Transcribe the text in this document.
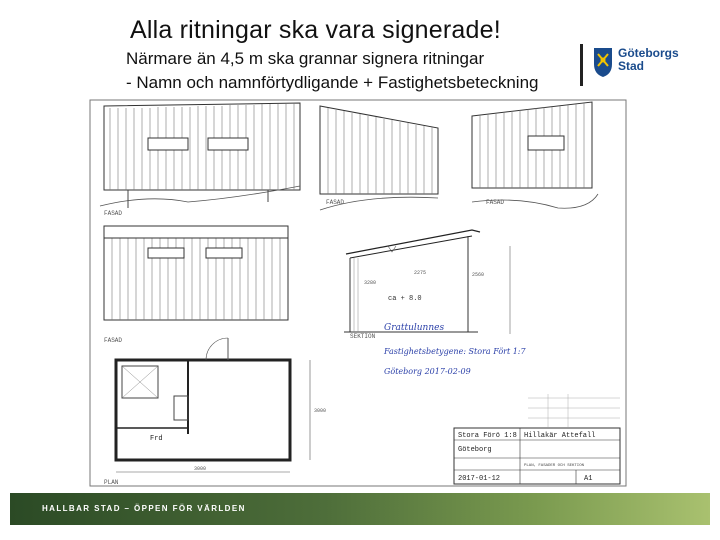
Alla ritningar ska vara signerade!
Närmare än 4,5 m ska grannar signera ritningar
- Namn och namnförtydligande + Fastighetsbeteckning
Göteborgs
Stad
FASAD
FASAD	FASAD
FASAD
ca + 8.0
2275	2560
3280
SEKTION
Frd
3000
3000
PLAN
Grattulunnes
Fastighetsbetygene: Stora Fört 1:7
Göteborg 2017-02-09
Stora Förö 1:8 Hillakär Attefall
Göteborg
PLAN, FASADER OCH SEKTION
2017-01-12	A1
HALLBAR STAD – ÖPPEN FÖR VÄRLDEN
